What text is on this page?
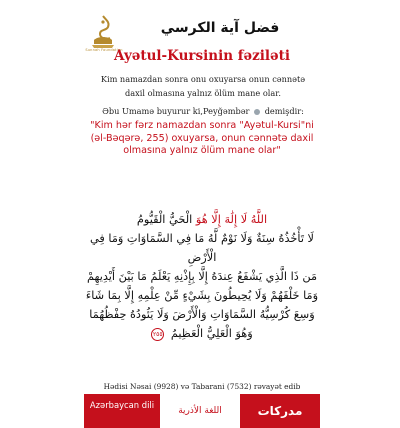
Sunnah Foundation
فضل آية الكرسي
Ayətul-Kursinin fəziləti
Kim namazdan sonra onu oxuyarsa onun cənnətə daxil olmasına yalnız ölüm mane olar.
Əbu Umamə buyurur ki,Peyğəmbər demişdir:
"Kim hər fərz namazdan sonra "Ayətul-Kursi"ni (əl-Bəqərə, 255) oxuyarsa, onun cənnətə daxil olmasına yalnız ölüm mane olar"
اللَّهُ لَا إِلَٰهَ إِلَّا هُوَ الْحَيُّ الْقَيُّومُ
لَا تَأْخُذُهُ سِنَةٌ وَلَا نَوْمٌ لَّهُ مَا فِي السَّمَاوَاتِ وَمَا فِي الْأَرْضِ
مَن ذَا الَّذِي يَشْفَعُ عِندَهُ إِلَّا بِإِذْنِهِ يَعْلَمُ مَا بَيْنَ أَيْدِيهِمْ
وَمَا خَلْفَهُمْ وَلَا يُحِيطُونَ بِشَيْءٍ مِّنْ عِلْمِهِ إِلَّا بِمَا شَاءَ
وَسِعَ كُرْسِيُّهُ السَّمَاوَاتِ وَالْأَرْضَ وَلَا يَئُودُهُ حِفْظُهُمَا
وَهُوَ الْعَلِيُّ الْعَظِيمُ ٢٥٥
Hədisi Nəsai (9928) və Tabarani (7532) rəvayət edib
Azərbaycan dili
اللغة الأذرية	مدركات
